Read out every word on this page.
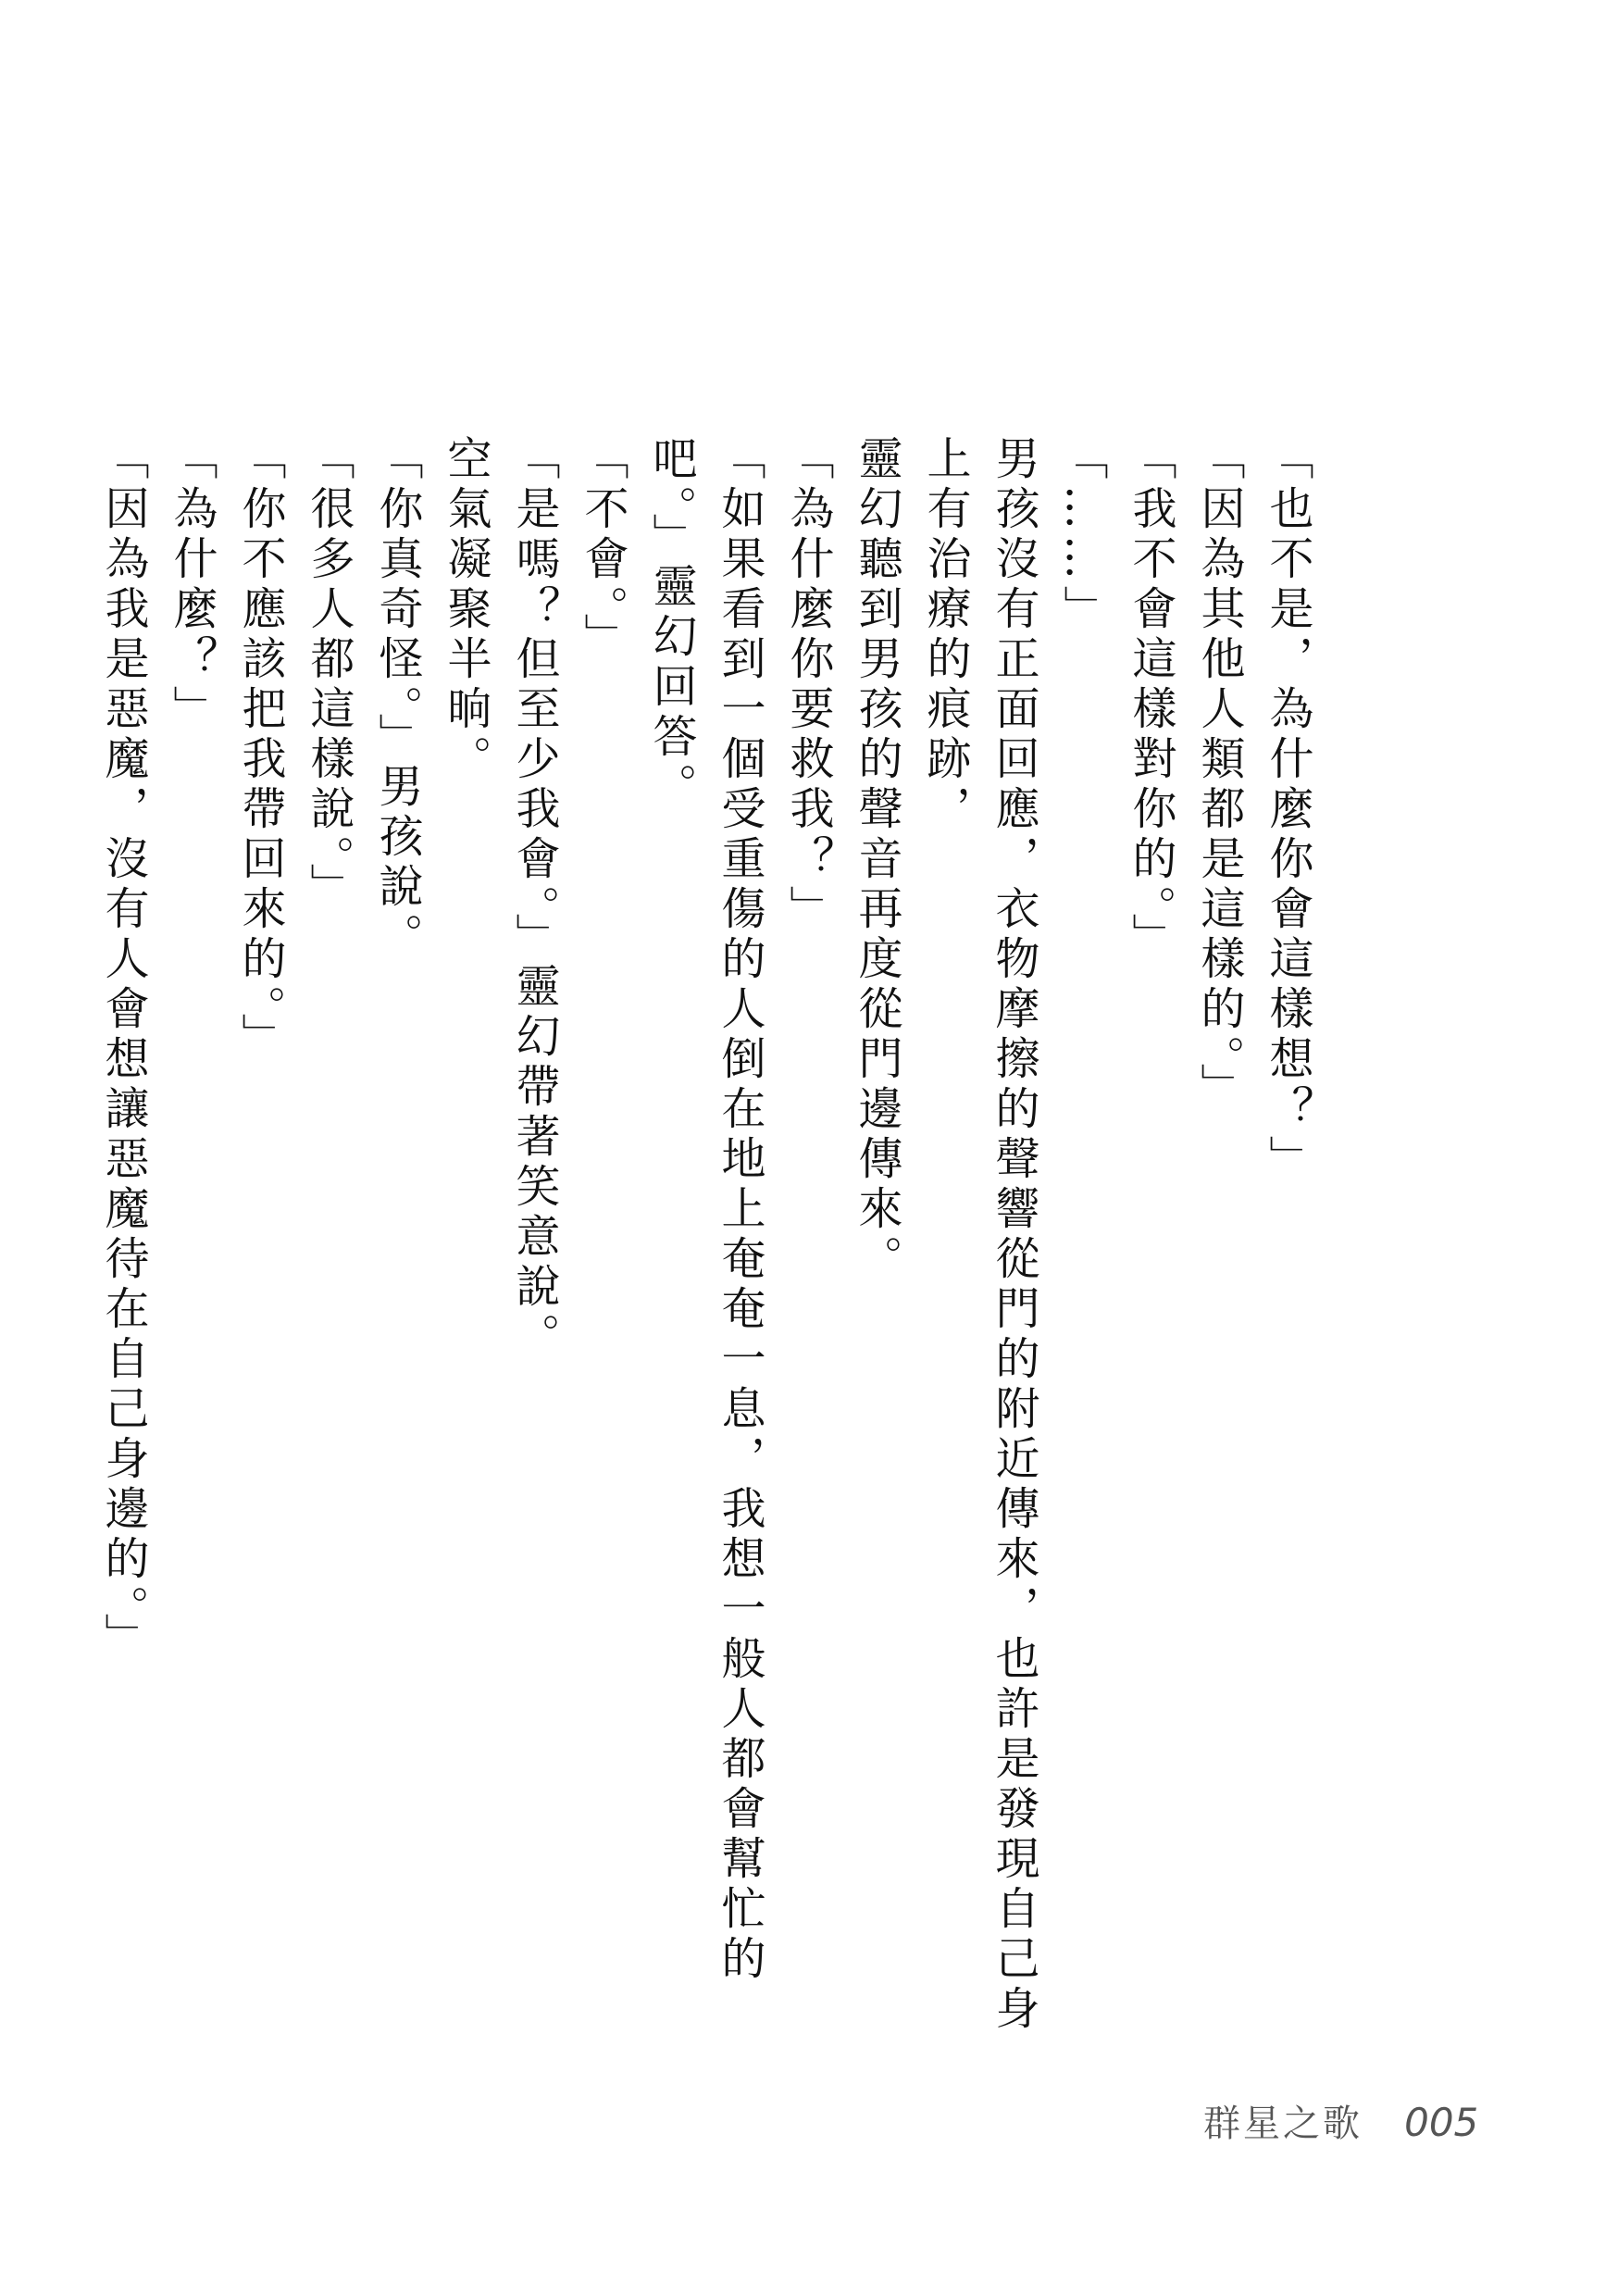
「也不是，為什麼你會這樣想？」
「因為其他人類都是這樣的。」
「我不會這樣對你的。」
「……」
男孩沒有正面回應，衣物摩擦的聲響從門的附近傳來，也許是發現自己身上有治療的痕跡，
靈幻聽到男孩的聲音再度從門邊傳來。
「為什麼你要救我？」
「如果看到一個受重傷的人倒在地上奄奄一息，我想一般人都會幫忙的吧。」靈幻回答。
「不會。」
「是嗎？但至少我會。」靈幻帶著笑意說。
空氣凝聚半晌。
「你真奇怪。」男孩說。
「很多人都這樣說。」
「你不應該把我帶回來的。」
「為什麼？」
「因為我是惡魔，沒有人會想讓惡魔待在自己身邊的。」
群星之歌 005
